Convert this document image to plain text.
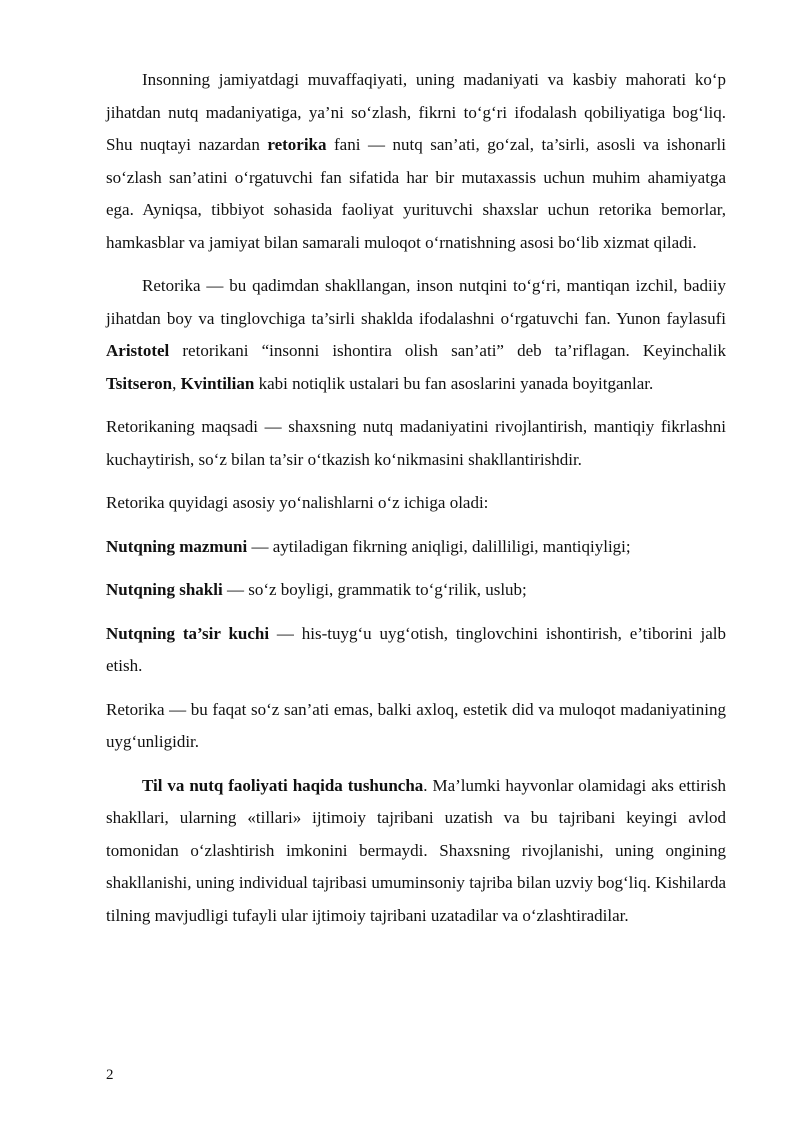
Insonning jamiyatdagi muvaffaqiyati, uning madaniyati va kasbiy mahorati ko‘p jihatdan nutq madaniyatiga, ya’ni so‘zlash, fikrni to‘g‘ri ifodalash qobiliyatiga bog‘liq. Shu nuqtayi nazardan retorika fani — nutq san’ati, go‘zal, ta’sirli, asosli va ishonarli so‘zlash san’atini o‘rgatuvchi fan sifatida har bir mutaxassis uchun muhim ahamiyatga ega. Ayniqsa, tibbiyot sohasida faoliyat yurituvchi shaxslar uchun retorika bemorlar, hamkasblar va jamiyat bilan samarali muloqot o‘rnatishning asosi bo‘lib xizmat qiladi.

Retorika — bu qadimdan shakllangan, inson nutqini to‘g‘ri, mantiqan izchil, badiiy jihatdan boy va tinglovchiga ta’sirli shaklda ifodalashni o‘rgatuvchi fan. Yunon faylasufi Aristotel retorikani “insonni ishontira olish san’ati” deb ta’riflagan. Keyinchalik Tsitseron, Kvintilian kabi notiqlik ustalari bu fan asoslarini yanada boyitganlar.

Retorikaning maqsadi — shaxsning nutq madaniyatini rivojlantirish, mantiqiy fikrlashni kuchaytirish, so‘z bilan ta’sir o‘tkazish ko‘nikmasini shakllantirishdir.

Retorika quyidagi asosiy yo‘nalishlarni o‘z ichiga oladi:

Nutqning mazmuni — aytiladigan fikrning aniqligi, dalilliligi, mantiqiyligi;

Nutqning shakli — so‘z boyligi, grammatik to‘g‘rilik, uslub;

Nutqning ta’sir kuchi — his-tuyg‘u uyg‘otish, tinglovchini ishontirish, e’tiborini jalb etish.

Retorika — bu faqat so‘z san’ati emas, balki axloq, estetik did va muloqot madaniyatining uyg‘unligidir.

Til va nutq faoliyati haqida tushuncha. Ma’lumki hayvonlar olamidagi aks ettirish shakllari, ularning «tillari» ijtimoiy tajribani uzatish va bu tajribani keyingi avlod tomonidan o‘zlashtirish imkonini bermaydi. Shaxsning rivojlanishi, uning ongining shakllanishi, uning individual tajribasi umuminsoniy tajriba bilan uzviy bog‘liq. Kishilarda tilning mavjudligi tufayli ular ijtimoiy tajribani uzatadilar va o‘zlashtiradilar.

2
